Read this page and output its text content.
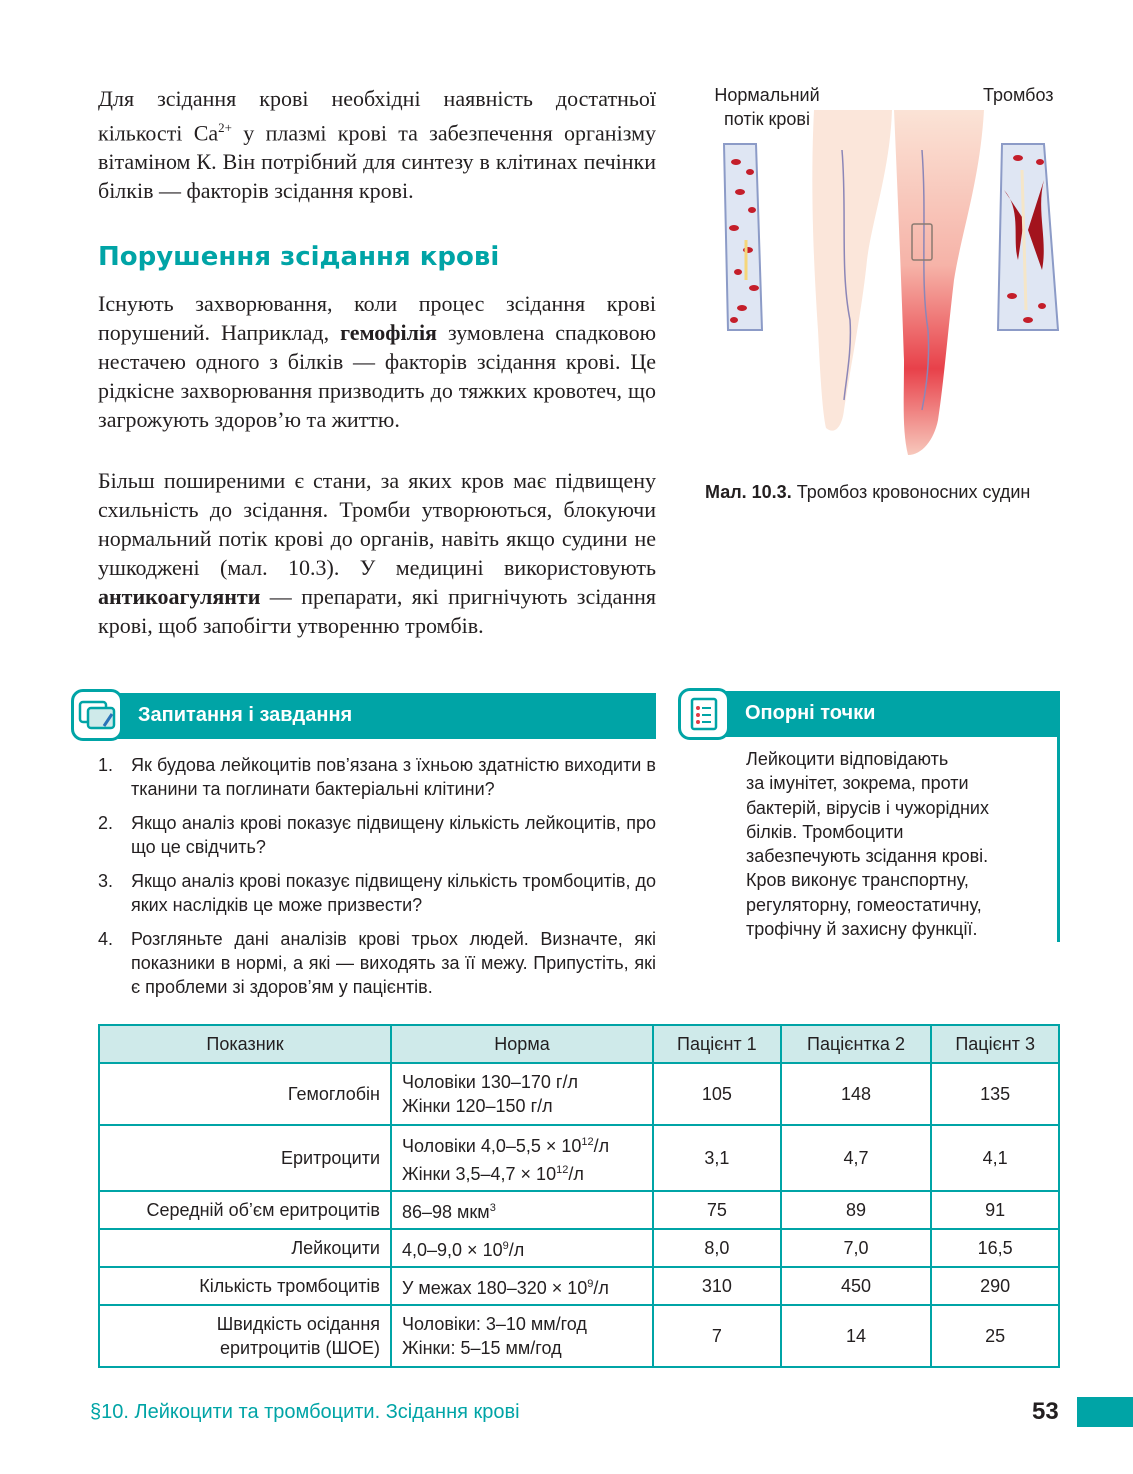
Для зсідання крові необхідні наявність достатньої кількості $Са^{2+}$ у плазмі крові та забезпечення організму вітаміном К. Він потрібний для синтезу в клітинах печінки білків — факторів зсідання крові.

Порушення зсідання крові

Існують захворювання, коли процес зсідання крові порушений. Наприклад, гемофілія зумовлена спадковою нестачею одного з білків — факторів зсідання крові. Це рідкісне захворювання призводить до тяжких кровотеч, що загрожують здоров’ю та життю.

Більш поширеними є стани, за яких кров має підвищену схильність до зсідання. Тромби утворюються, блокуючи нормальний потік крові до органів, навіть якщо судини не ушкоджені (мал. 10.3). У медицині використовують антикоагулянти — препарати, які пригнічують зсідання крові, щоб запобігти утворенню тромбів.

Нормальний
потік крові
Тромбоз
Мал. 10.3. Тромбоз кровоносних судин
Запитання і завдання
1. Як будова лейкоцитів пов’язана з їхньою здатністю виходити в тканини та поглинати бактеріальні клітини?
2. Якщо аналіз крові показує підвищену кількість лейкоцитів, про що це свідчить?
3. Якщо аналіз крові показує підвищену кількість тромбоцитів, до яких наслідків це може призвести?
4. Розгляньте дані аналізів крові трьох людей. Визначте, які показники в нормі, а які — виходять за її межу. Припустіть, які є проблеми зі здоров’ям у пацієнтів.
Опорні точки
Лейкоцити відповідають
за імунітет, зокрема, проти
бактерій, вірусів і чужорідних
білків. Тромбоцити
забезпечують зсідання крові.
Кров виконує транспортну,
регуляторну, гомеостатичну,
трофічну й захисну функції.
Показник	Норма	Пацієнт 1	Пацієнтка 2	Пацієнт 3
Гемоглобін	Чоловіки 130–170 г/л
Жінки 120–150 г/л	105	148	135
Еритроцити	Чоловіки $4,0-5,5 \times 10^{12}/л$
Жінки $3,5-4,7 \times 10^{12}/л$	3,1	4,7	4,1
Середній об’єм еритроцитів	86–98 мкм$^3$	75	89	91
Лейкоцити	$4,0-9,0 \times 10^9/л$	8,0	7,0	16,5
Кількість тромбоцитів	У межах $180-320 \times 10^9/л$	310	450	290

Швидкість осідання
еритроцитів (ШОЕ)	Чоловіки: 3–10 мм/год
Жінки: 5–15 мм/год	7	14	25
§10. Лейкоцити та тромбоцити. Зсідання крові	53
